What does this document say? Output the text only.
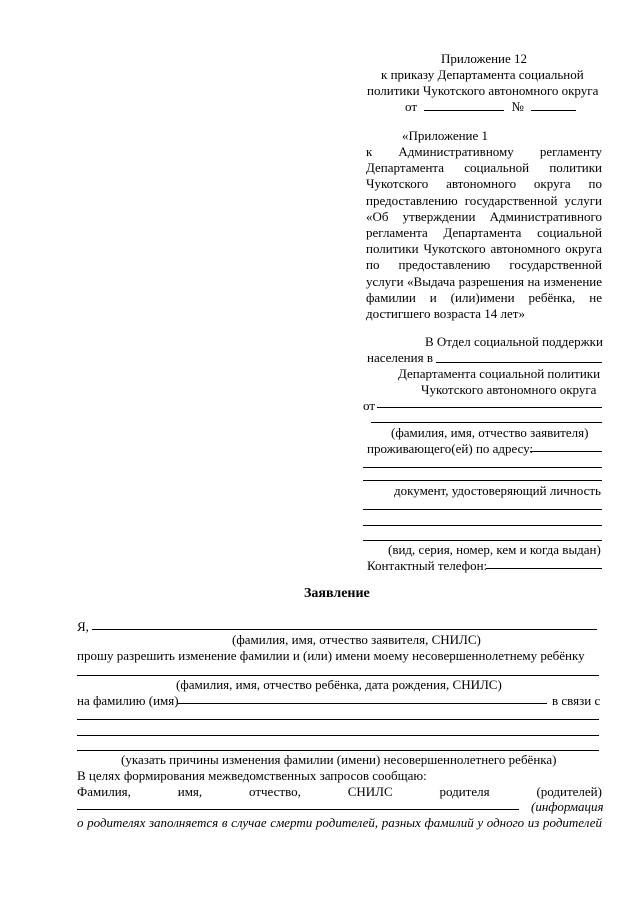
Приложение 12
к приказу Департамента социальной
политики Чукотского автономного округа
от	№
«Приложение 1
к Административному регламенту
Департамента социальной политики
Чукотского автономного округа по
предоставлению государственной услуги
«Об утверждении Административного
регламента Департамента социальной
политики Чукотского автономного округа
по предоставлению государственной
услуги «Выдача разрешения на изменение
фамилии и (или)имени ребёнка, не
достигшего возраста 14 лет»
В Отдел социальной поддержки
населения в
Департамента социальной политики
Чукотского автономного округа
от
(фамилия, имя, отчество заявителя)
проживающего(ей) по адресу:
документ, удостоверяющий личность
(вид, серия, номер, кем и когда выдан)
Контактный телефон:
Заявление
Я,
(фамилия, имя, отчество заявителя, СНИЛС)
прошу разрешить изменение фамилии и (или) имени моему несовершеннолетнему ребёнку
(фамилия, имя, отчество ребёнка, дата рождения, СНИЛС)
на фамилию (имя)	в связи с
(указать причины изменения фамилии (имени) несовершеннолетнего ребёнка)
В целях формирования межведомственных запросов сообщаю:
Фамилия,	имя,	отчество,	СНИЛС	родителя	(родителей)
(информация
о родителях заполняется в случае смерти родителей, разных фамилий у одного из родителей
